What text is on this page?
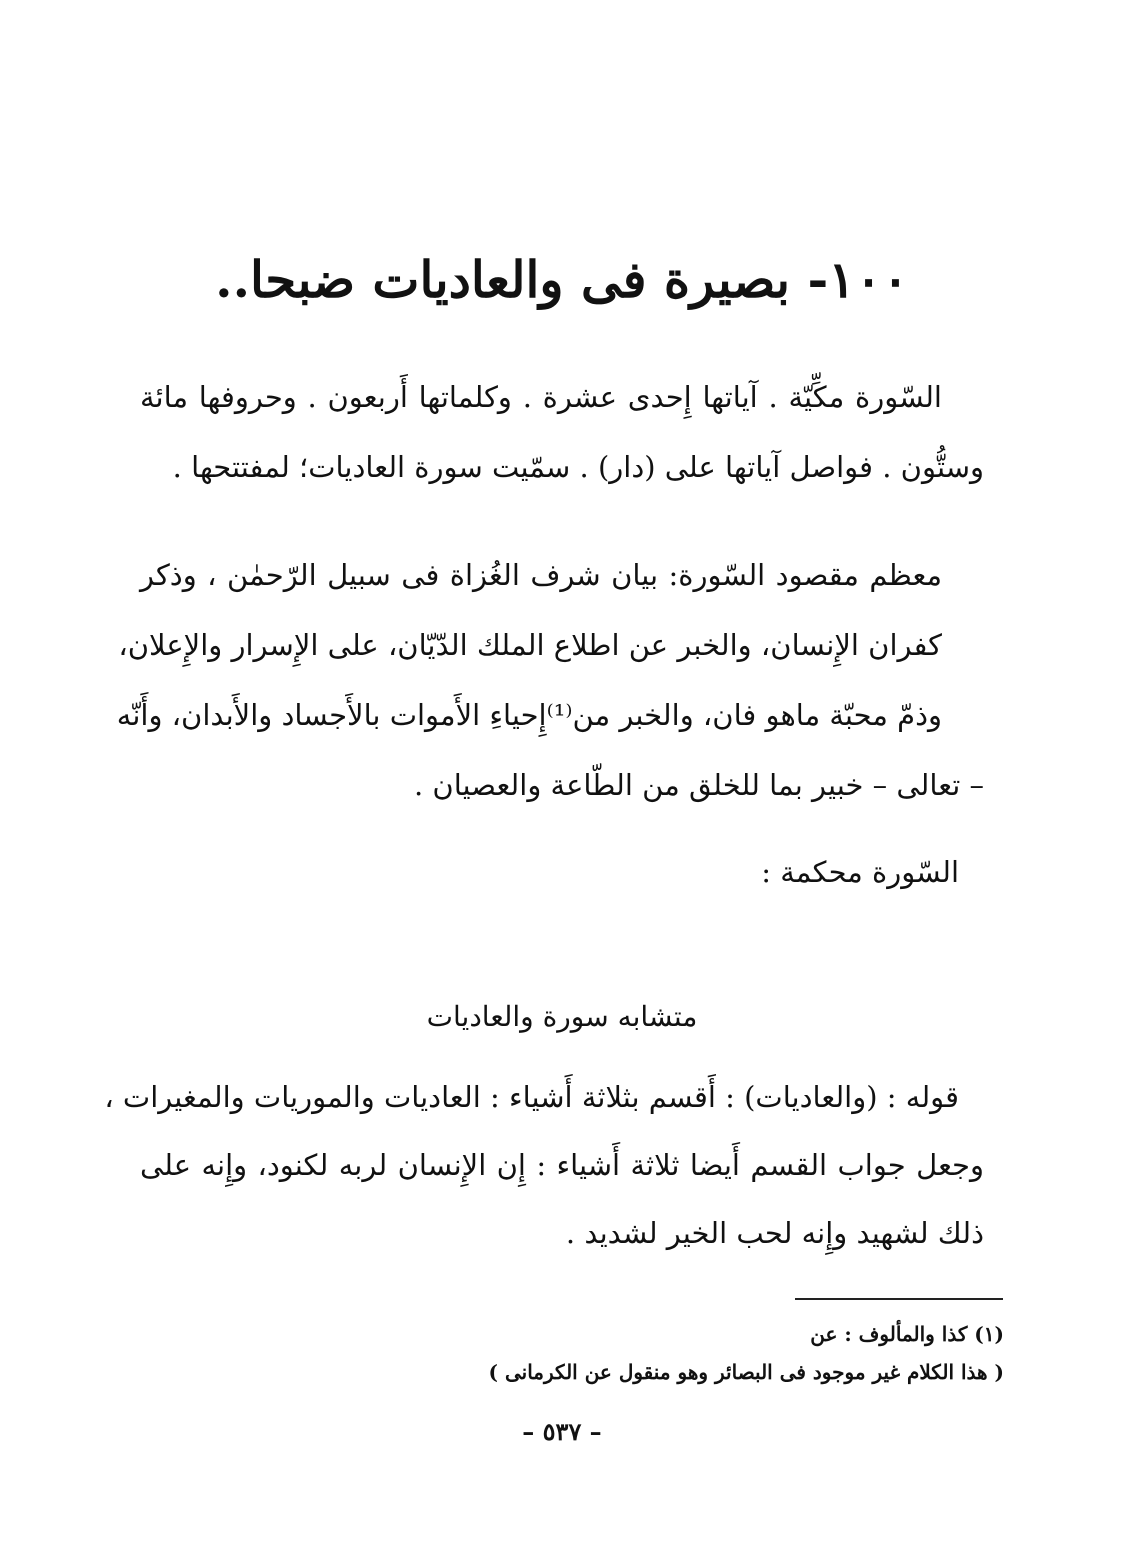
١٠٠- بصيرة فى والعاديات ضبحا..
السّورة مكِّيّة . آياتها إِحدى عشرة . وكلماتها أَربعون . وحروفها مائة
وستُّون . فواصل آياتها على (دار) . سمّيت سورة العاديات؛ لمفتتحها .
معظم مقصود السّورة: بيان شرف الغُزاة فى سبيل الرّحمٰن ، وذكر
كفران الإِنسان، والخبر عن اطلاع الملك الدّيّان، على الإِسرار والإِعلان،
وذمّ محبّة ماهو فان، والخبر من⁽¹⁾إِحياءِ الأَموات بالأَجساد والأَبدان، وأَنّه
– تعالى – خبير بما للخلق من الطّاعة والعصيان .
السّورة محكمة :
متشابه سورة والعاديات
قوله : (والعاديات) : أَقسم بثلاثة أَشياء : العاديات والموريات والمغيرات ،
وجعل جواب القسم أَيضا ثلاثة أَشياء : إِن الإِنسان لربه لكنود، وإِنه على
ذلك لشهيد وإِنه لحب الخير لشديد .
(١) كذا والمألوف : عن
( هذا الكلام غير موجود فى البصائر وهو منقول عن الكرمانى )
– ٥٣٧ –
